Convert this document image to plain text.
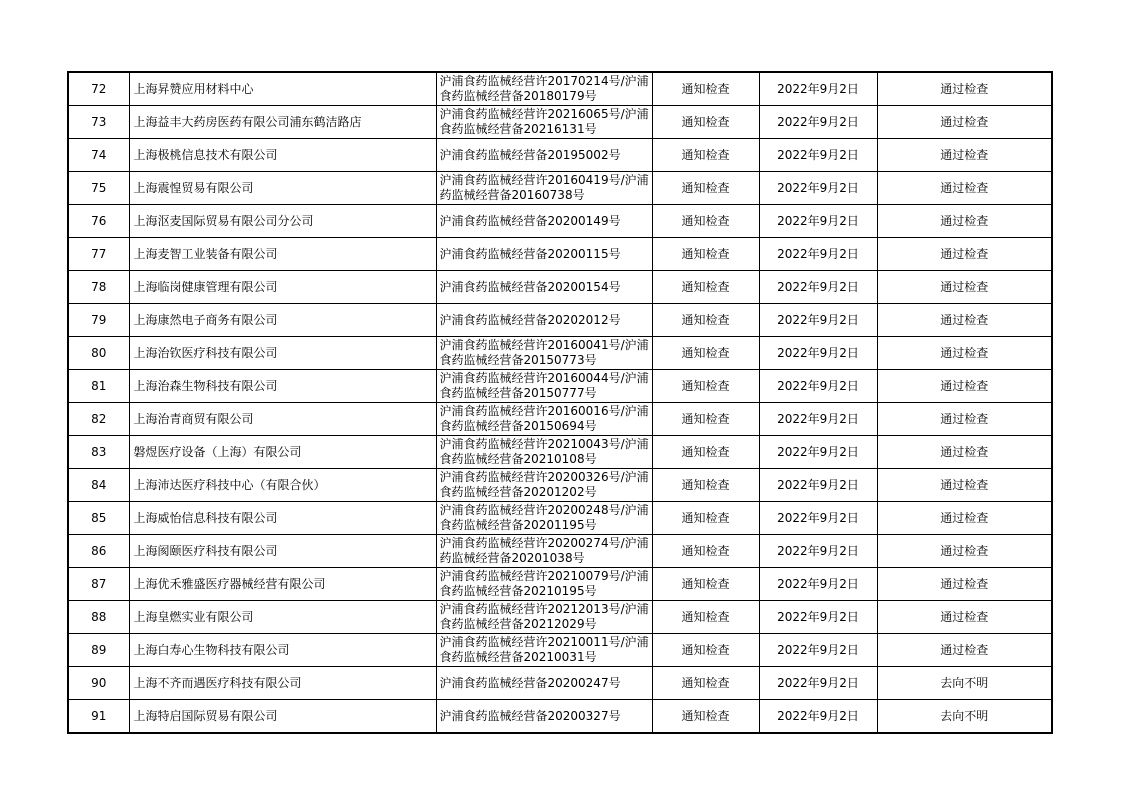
72	上海昇赞应用材料中心	沪浦食药监械经营许20170214号/沪浦食药监械经营备20180179号	通知检查	2022年9月2日	通过检查
73	上海益丰大药房医药有限公司浦东鹤洁路店	沪浦食药监械经营许20216065号/沪浦食药监械经营备20216131号	通知检查	2022年9月2日	通过检查
74	上海极桃信息技术有限公司	沪浦食药监械经营备20195002号	通知检查	2022年9月2日	通过检查
75	上海震惶贸易有限公司	沪浦食药监械经营许20160419号/沪浦药监械经营备20160738号	通知检查	2022年9月2日	通过检查
76	上海沤麦国际贸易有限公司分公司	沪浦食药监械经营备20200149号	通知检查	2022年9月2日	通过检查
77	上海麦智工业装备有限公司	沪浦食药监械经营备20200115号	通知检查	2022年9月2日	通过检查
78	上海临岗健康管理有限公司	沪浦食药监械经营备20200154号	通知检查	2022年9月2日	通过检查
79	上海康然电子商务有限公司	沪浦食药监械经营备20202012号	通知检查	2022年9月2日	通过检查
80	上海治钦医疗科技有限公司	沪浦食药监械经营许20160041号/沪浦食药监械经营备20150773号	通知检查	2022年9月2日	通过检查
81	上海治森生物科技有限公司	沪浦食药监械经营许20160044号/沪浦食药监械经营备20150777号	通知检查	2022年9月2日	通过检查
82	上海治青商贸有限公司	沪浦食药监械经营许20160016号/沪浦食药监械经营备20150694号	通知检查	2022年9月2日	通过检查
83	磐煜医疗设备（上海）有限公司	沪浦食药监械经营许20210043号/沪浦食药监械经营备20210108号	通知检查	2022年9月2日	通过检查
84	上海沛达医疗科技中心（有限合伙）	沪浦食药监械经营许20200326号/沪浦食药监械经营备20201202号	通知检查	2022年9月2日	通过检查
85	上海威怡信息科技有限公司	沪浦食药监械经营许20200248号/沪浦食药监械经营备20201195号	通知检查	2022年9月2日	通过检查
86	上海阂颐医疗科技有限公司	沪浦食药监械经营许20200274号/沪浦药监械经营备20201038号	通知检查	2022年9月2日	通过检查
87	上海优禾雅盛医疗器械经营有限公司	沪浦食药监械经营许20210079号/沪浦食药监械经营备20210195号	通知检查	2022年9月2日	通过检查
88	上海皇燃实业有限公司	沪浦食药监械经营许20212013号/沪浦食药监械经营备20212029号	通知检查	2022年9月2日	通过检查
89	上海白寿心生物科技有限公司	沪浦食药监械经营许20210011号/沪浦食药监械经营备20210031号	通知检查	2022年9月2日	通过检查
90	上海不齐而遇医疗科技有限公司	沪浦食药监械经营备20200247号	通知检查	2022年9月2日	去向不明
91	上海特启国际贸易有限公司	沪浦食药监械经营备20200327号	通知检查	2022年9月2日	去向不明
